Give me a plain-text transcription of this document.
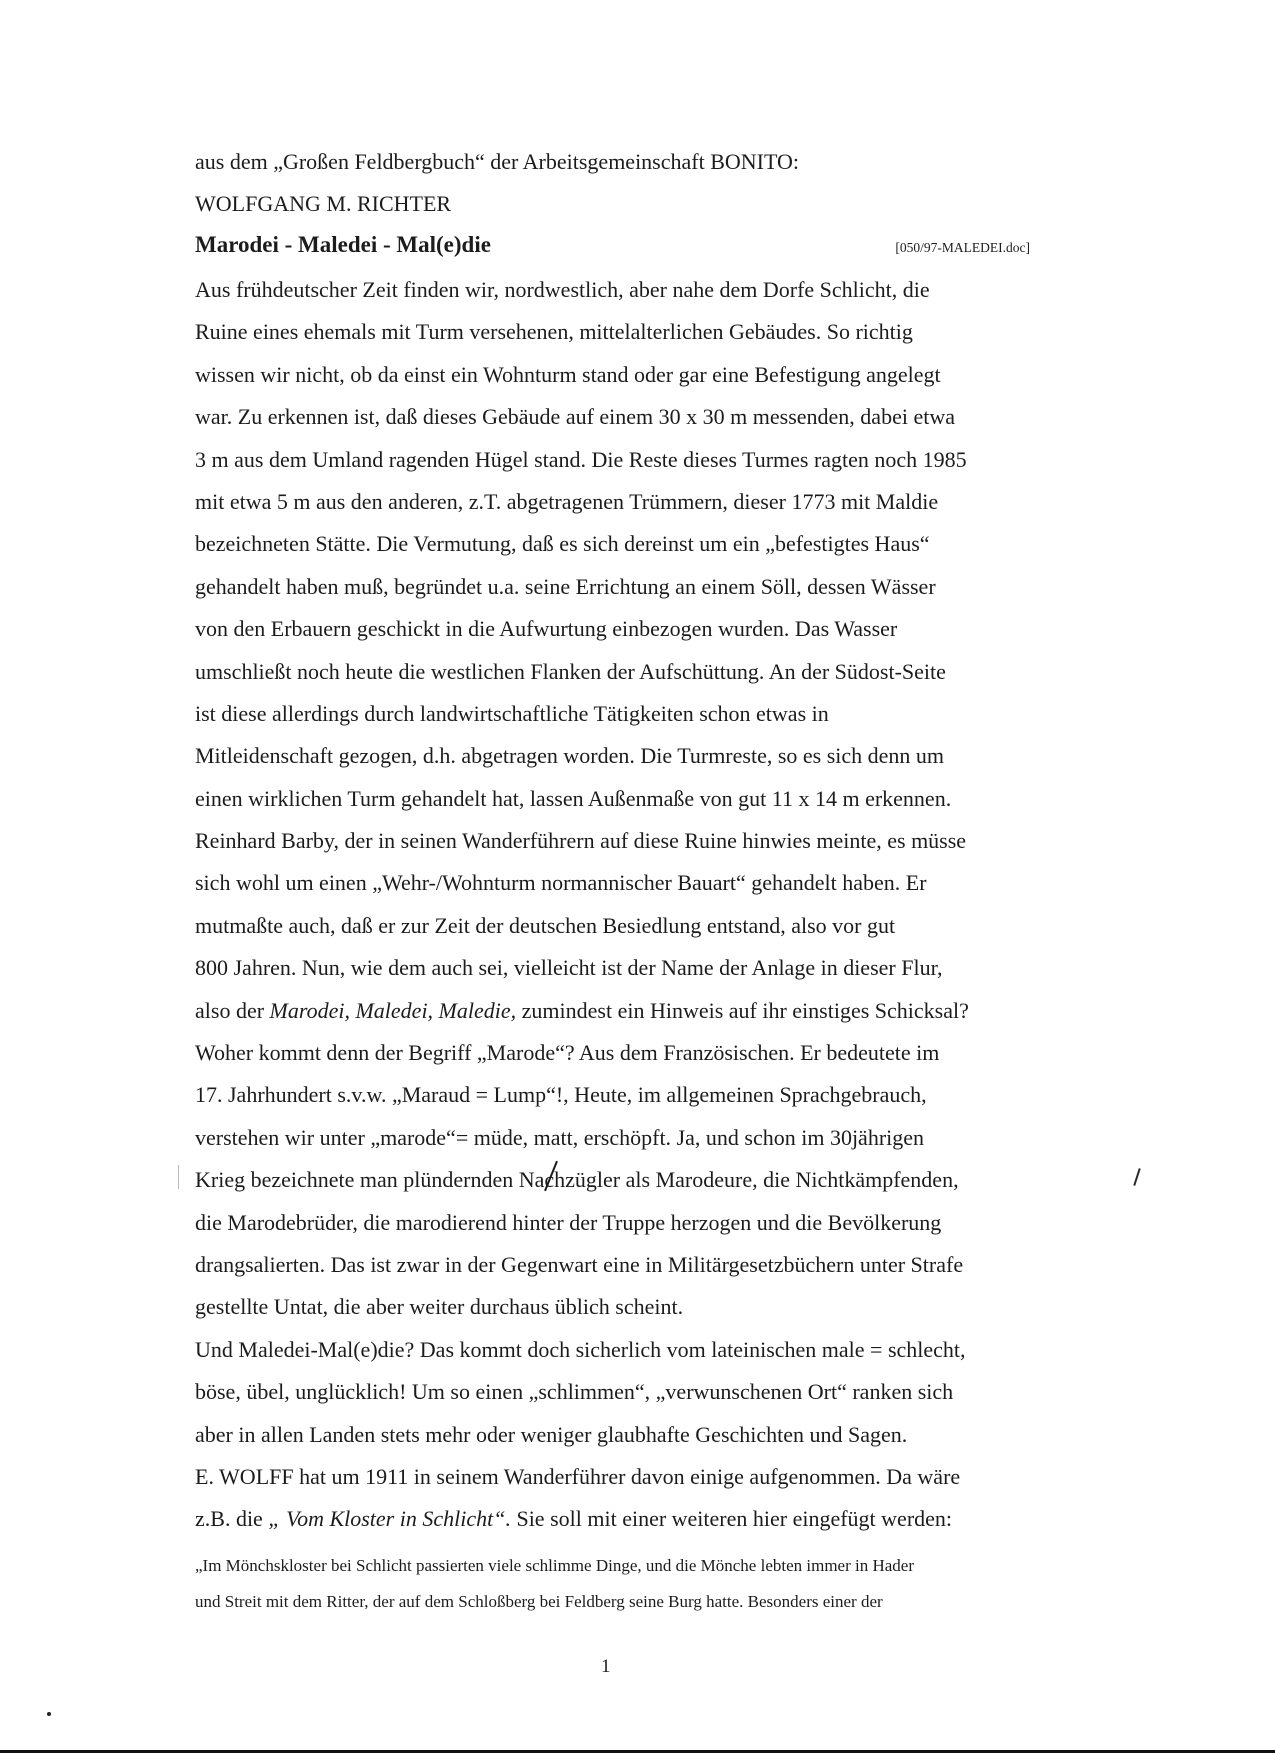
aus dem „Großen Feldbergbuch“ der Arbeitsgemeinschaft BONITO:
WOLFGANG M. RICHTER
Marodei - Maledei - Mal(e)die	[050/97-MALEDEI.doc]
Aus frühdeutscher Zeit finden wir, nordwestlich, aber nahe dem Dorfe Schlicht, die
Ruine eines ehemals mit Turm versehenen, mittelalterlichen Gebäudes. So richtig
wissen wir nicht, ob da einst ein Wohnturm stand oder gar eine Befestigung angelegt
war. Zu erkennen ist, daß dieses Gebäude auf einem 30 x 30 m messenden, dabei etwa
3 m aus dem Umland ragenden Hügel stand. Die Reste dieses Turmes ragten noch 1985
mit etwa 5 m aus den anderen, z.T. abgetragenen Trümmern, dieser 1773 mit Maldie
bezeichneten Stätte. Die Vermutung, daß es sich dereinst um ein „befestigtes Haus“
gehandelt haben muß, begründet u.a. seine Errichtung an einem Söll, dessen Wässer
von den Erbauern geschickt in die Aufwurtung einbezogen wurden. Das Wasser
umschließt noch heute die westlichen Flanken der Aufschüttung. An der Südost-Seite
ist diese allerdings durch landwirtschaftliche Tätigkeiten schon etwas in
Mitleidenschaft gezogen, d.h. abgetragen worden. Die Turmreste, so es sich denn um
einen wirklichen Turm gehandelt hat, lassen Außenmaße von gut 11 x 14 m erkennen.
Reinhard Barby, der in seinen Wanderführern auf diese Ruine hinwies meinte, es müsse
sich wohl um einen „Wehr-/Wohnturm normannischer Bauart“ gehandelt haben. Er
mutmaßte auch, daß er zur Zeit der deutschen Besiedlung entstand, also vor gut
800 Jahren. Nun, wie dem auch sei, vielleicht ist der Name der Anlage in dieser Flur,
also der Marodei, Maledei, Maledie, zumindest ein Hinweis auf ihr einstiges Schicksal?
Woher kommt denn der Begriff „Marode“? Aus dem Französischen. Er bedeutete im
17. Jahrhundert s.v.w. „Maraud = Lump“!, Heute, im allgemeinen Sprachgebrauch,
verstehen wir unter „marode“= müde, matt, erschöpft. Ja, und schon im 30jährigen
Krieg bezeichnete man plündernden Nachzügler als Marodeure, die Nichtkämpfenden,
die Marodebrüder, die marodierend hinter der Truppe herzogen und die Bevölkerung
drangsalierten. Das ist zwar in der Gegenwart eine in Militärgesetzbüchern unter Strafe
gestellte Untat, die aber weiter durchaus üblich scheint.
Und Maledei-Mal(e)die? Das kommt doch sicherlich vom lateinischen male = schlecht,
böse, übel, unglücklich! Um so einen „schlimmen“, „verwunschenen Ort“ ranken sich
aber in allen Landen stets mehr oder weniger glaubhafte Geschichten und Sagen.
E. WOLFF hat um 1911 in seinem Wanderführer davon einige aufgenommen. Da wäre
z.B. die „ Vom Kloster in Schlicht“. Sie soll mit einer weiteren hier eingefügt werden:
„Im Mönchskloster bei Schlicht passierten viele schlimme Dinge, und die Mönche lebten immer in Hader
und Streit mit dem Ritter, der auf dem Schloßberg bei Feldberg seine Burg hatte. Besonders einer der
1
